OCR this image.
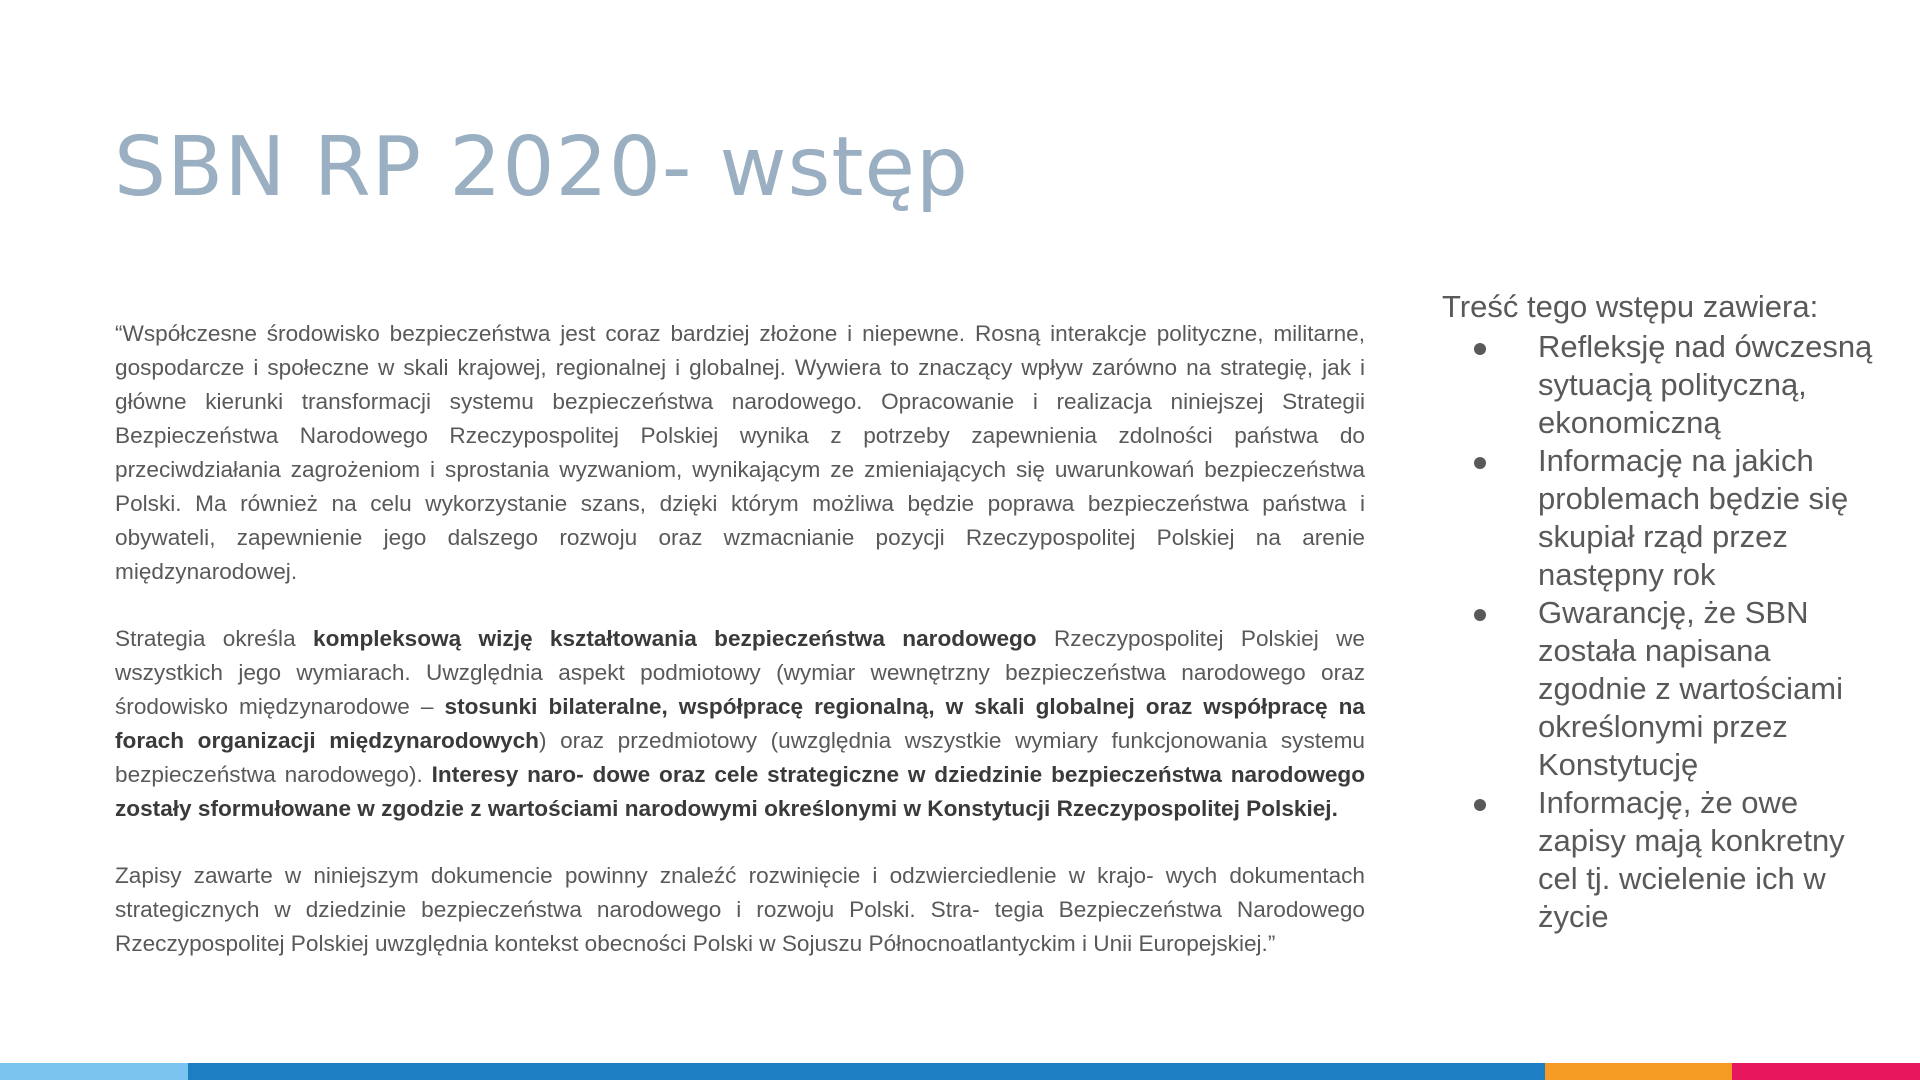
SBN RP 2020- wstęp

“Współczesne środowisko bezpieczeństwa jest coraz bardziej złożone i niepewne. Rosną interakcje polityczne, militarne, gospodarcze i społeczne w skali krajowej, regionalnej i globalnej. Wywiera to znaczący wpływ zarówno na strategię, jak i główne kierunki transformacji systemu bezpieczeństwa narodowego. Opracowanie i realizacja niniejszej Strategii Bezpieczeństwa Narodowego Rzeczypospolitej Polskiej wynika z potrzeby zapewnienia zdolności państwa do przeciwdziałania zagrożeniom i sprostania wyzwaniom, wynikającym ze zmieniających się uwarunkowań bezpieczeństwa Polski. Ma również na celu wykorzystanie szans, dzięki którym możliwa będzie poprawa bezpieczeństwa państwa i obywateli, zapewnienie jego dalszego rozwoju oraz wzmacnianie pozycji Rzeczypospolitej Polskiej na arenie międzynarodowej.

Strategia określa kompleksową wizję kształtowania bezpieczeństwa narodowego Rzeczypospolitej Polskiej we wszystkich jego wymiarach. Uwzględnia aspekt podmiotowy (wymiar wewnętrzny bezpieczeństwa narodowego oraz środowisko międzynarodowe – stosunki bilateralne, współpracę regionalną, w skali globalnej oraz współpracę na forach organizacji międzynarodowych) oraz przedmiotowy (uwzględnia wszystkie wymiary funkcjonowania systemu bezpieczeństwa narodowego). Interesy naro- dowe oraz cele strategiczne w dziedzinie bezpieczeństwa narodowego zostały sformułowane w zgodzie z wartościami narodowymi określonymi w Konstytucji Rzeczypospolitej Polskiej.

Zapisy zawarte w niniejszym dokumencie powinny znaleźć rozwinięcie i odzwierciedlenie w krajo- wych dokumentach strategicznych w dziedzinie bezpieczeństwa narodowego i rozwoju Polski. Stra- tegia Bezpieczeństwa Narodowego Rzeczypospolitej Polskiej uwzględnia kontekst obecności Polski w Sojuszu Północnoatlantyckim i Unii Europejskiej.”

Treść tego wstępu zawiera:
Refleksję nad ówczesną sytuacją polityczną, ekonomiczną
Informację na jakich problemach będzie się skupiał rząd przez następny rok
Gwarancję, że SBN została napisana zgodnie z wartościami określonymi przez Konstytucję
Informację, że owe zapisy mają konkretny cel tj. wcielenie ich w życie
